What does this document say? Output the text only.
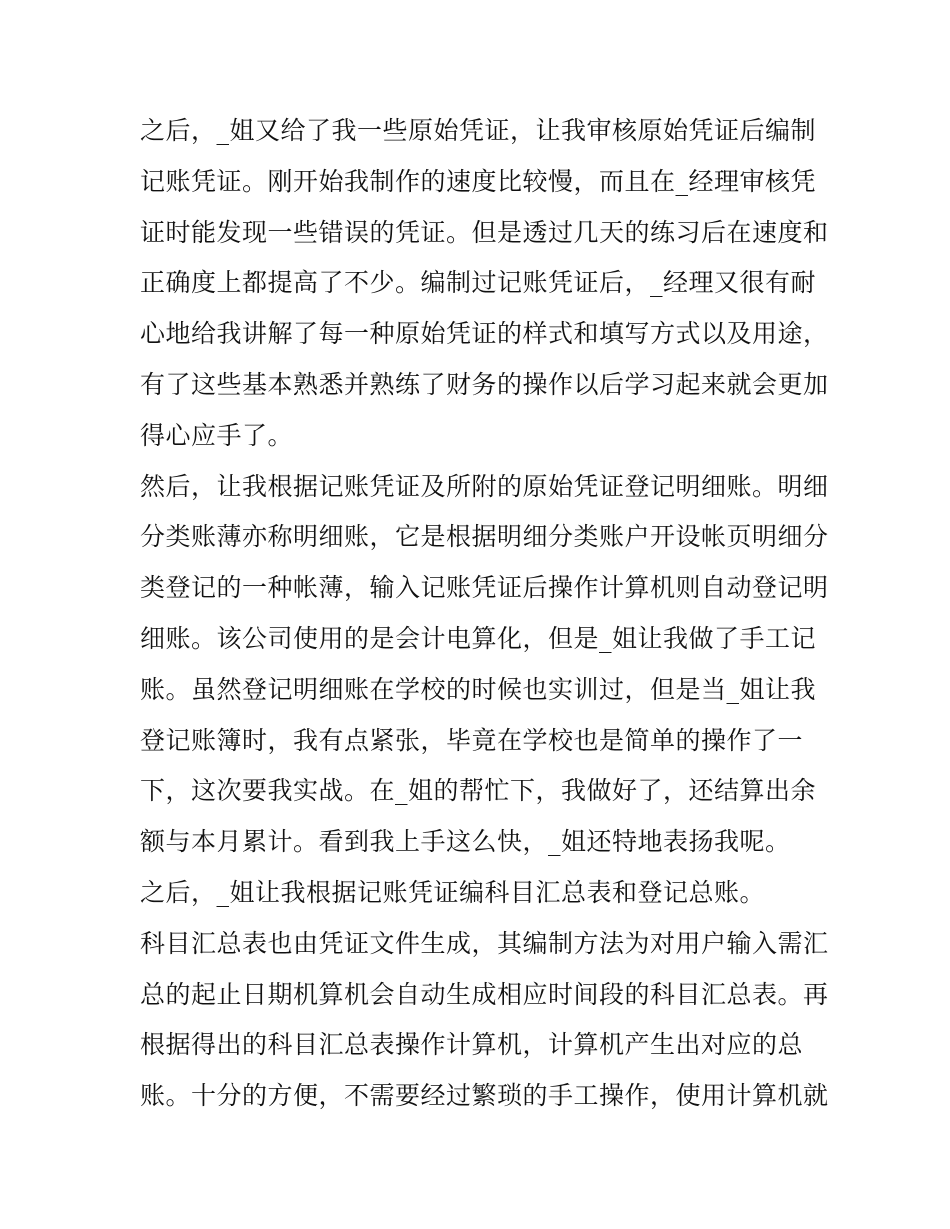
之后，_姐又给了我一些原始凭证，让我审核原始凭证后编制
记账凭证。刚开始我制作的速度比较慢，而且在_经理审核凭
证时能发现一些错误的凭证。但是透过几天的练习后在速度和
正确度上都提高了不少。编制过记账凭证后，_经理又很有耐
心地给我讲解了每一种原始凭证的样式和填写方式以及用途，
有了这些基本熟悉并熟练了财务的操作以后学习起来就会更加
得心应手了。
然后，让我根据记账凭证及所附的原始凭证登记明细账。明细
分类账薄亦称明细账，它是根据明细分类账户开设帐页明细分
类登记的一种帐薄，输入记账凭证后操作计算机则自动登记明
细账。该公司使用的是会计电算化，但是_姐让我做了手工记
账。虽然登记明细账在学校的时候也实训过，但是当_姐让我
登记账簿时，我有点紧张，毕竟在学校也是简单的操作了一
下，这次要我实战。在_姐的帮忙下，我做好了，还结算出余
额与本月累计。看到我上手这么快，_姐还特地表扬我呢。
之后，_姐让我根据记账凭证编科目汇总表和登记总账。
科目汇总表也由凭证文件生成，其编制方法为对用户输入需汇
总的起止日期机算机会自动生成相应时间段的科目汇总表。再
根据得出的科目汇总表操作计算机，计算机产生出对应的总
账。十分的方便，不需要经过繁琐的手工操作，使用计算机就
